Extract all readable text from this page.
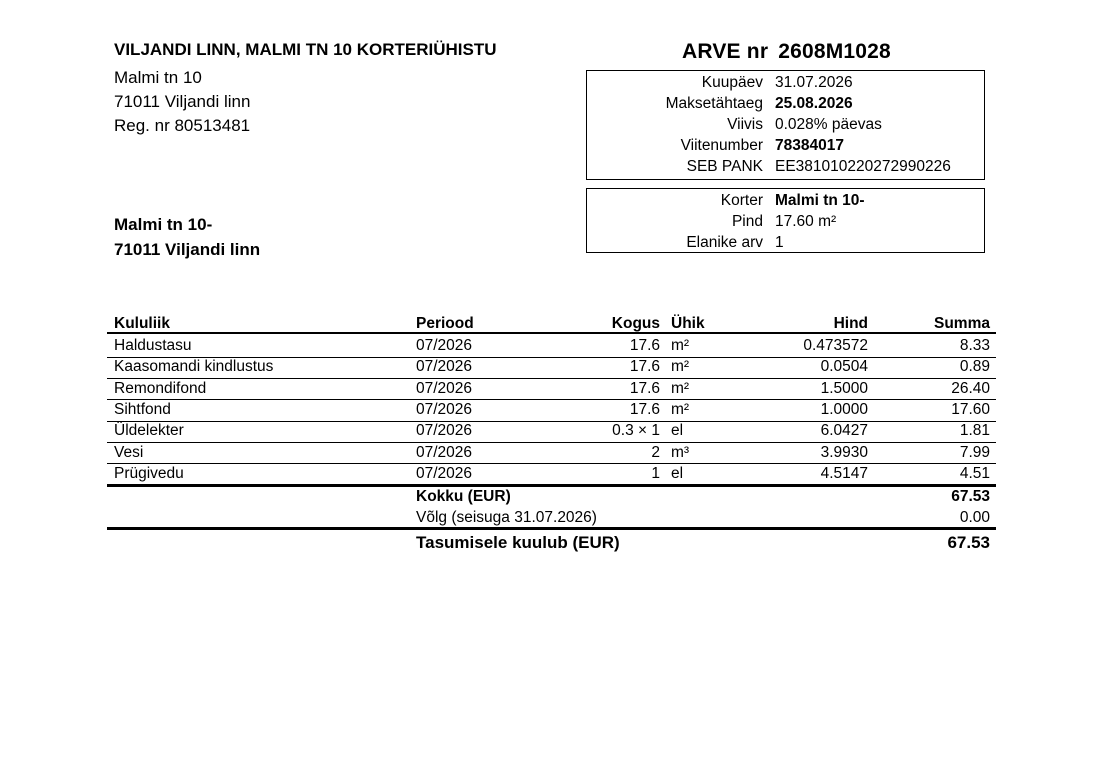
VILJANDI LINN, MALMI TN 10 KORTERIÜHISTU
Malmi tn 10
71011 Viljandi linn
Reg. nr 80513481
Malmi tn 10-
71011 Viljandi linn
ARVE nr 2608M1028
Kuupäev 31.07.2026
Maksetähtaeg 25.08.2026
Viivis 0.028% päevas
Viitenumber 78384017
SEB PANK EE381010220272990226
Korter Malmi tn 10-
Pind 17.60 m²
Elanike arv 1
Kululiik	Periood	Kogus Ühik	Hind	Summa
Haldustasu	07/2026	17.6 m²	0.473572	8.33
Kaasomandi kindlustus	07/2026	17.6 m²	0.0504	0.89
Remondifond	07/2026	17.6 m²	1.5000	26.40
Sihtfond	07/2026	17.6 m²	1.0000	17.60
Üldelekter	07/2026	0.3 × 1 el	6.0427	1.81
Vesi	07/2026	2 m³	3.9930	7.99
Prügivedu	07/2026	1 el	4.5147	4.51
Kokku (EUR)	67.53
Võlg (seisuga 31.07.2026)	0.00
Tasumisele kuulub (EUR)	67.53
